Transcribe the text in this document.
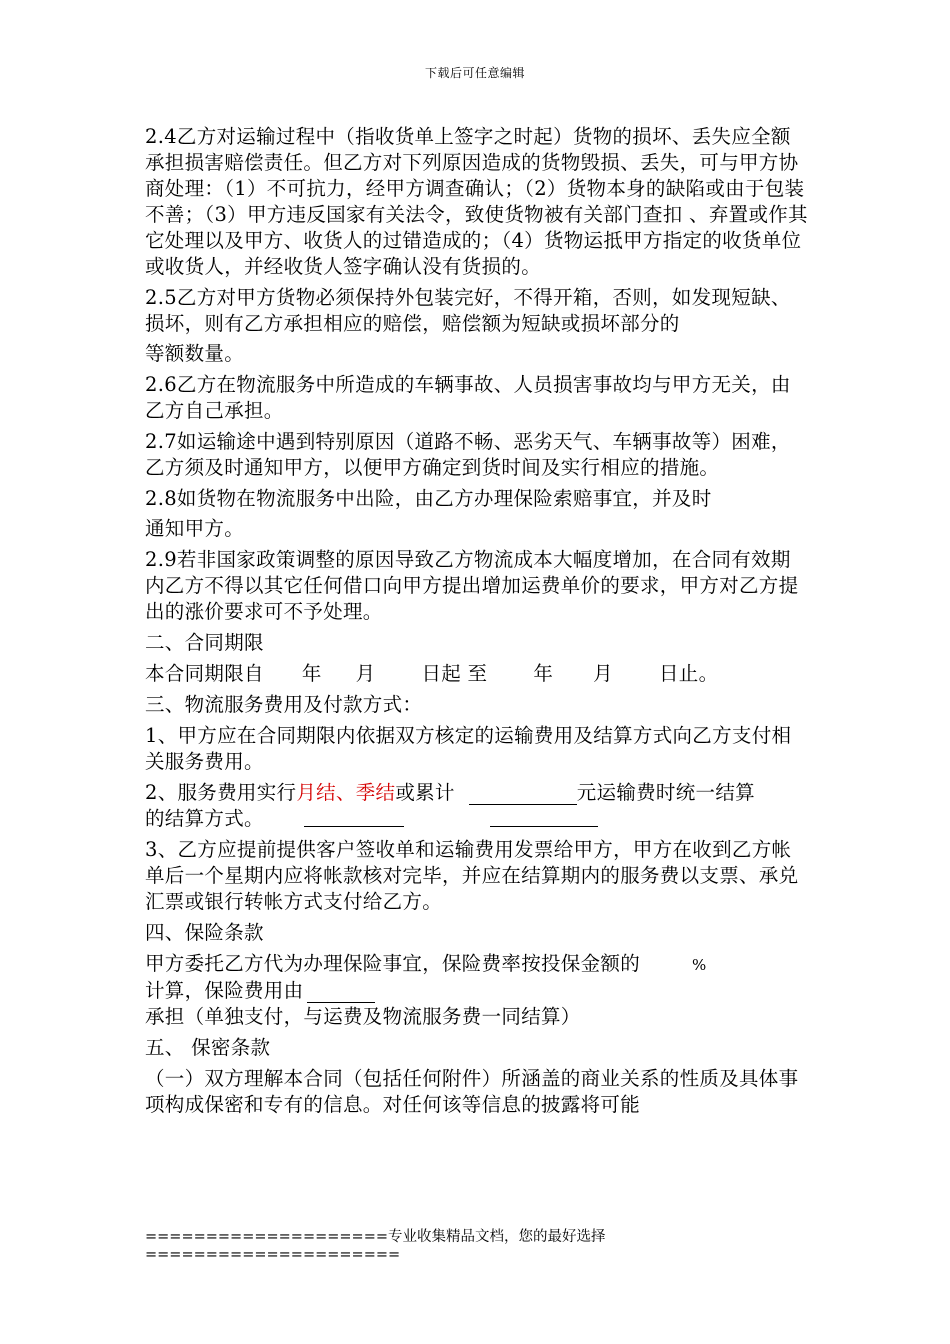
下载后可任意编辑

2.4乙方对运输过程中（指收货单上签字之时起）货物的损坏、丢失应全额承担损害赔偿责任。但乙方对下列原因造成的货物毁损、丢失，可与甲方协商处理：（1）不可抗力，经甲方调查确认；（2）货物本身的缺陷或由于包装不善；（3）甲方违反国家有关法令，致使货物被有关部门查扣 、弃置或作其它处理以及甲方、收货人的过错造成的；（4）货物运抵甲方指定的收货单位或收货人，并经收货人签字确认没有货损的。

2.5乙方对甲方货物必须保持外包装完好，不得开箱，否则，如发现短缺、损坏，则有乙方承担相应的赔偿，赔偿额为短缺或损坏部分的

等额数量。

2.6乙方在物流服务中所造成的车辆事故、人员损害事故均与甲方无关，由乙方自己承担。

2.7如运输途中遇到特别原因（道路不畅、恶劣天气、车辆事故等）困难，乙方须及时通知甲方，以便甲方确定到货时间及实行相应的措施。

2.8如货物在物流服务中出险，由乙方办理保险索赔事宜，并及时

通知甲方。

2.9若非国家政策调整的原因导致乙方物流成本大幅度增加，在合同有效期内乙方不得以其它任何借口向甲方提出增加运费单价的要求，甲方对乙方提出的涨价要求可不予处理。

二、合同期限

本合同期限自 年 月 日起 至 年 月 日止。

三、物流服务费用及付款方式：

1、甲方应在合同期限内依据双方核定的运输费用及结算方式向乙方支付相关服务费用。

2、服务费用实行月结、季结或累计	元运输费时统一结算
的结算方式。

3、乙方应提前提供客户签收单和运输费用发票给甲方，甲方在收到乙方帐单后一个星期内应将帐款核对完毕，并应在结算期内的服务费以支票、承兑汇票或银行转帐方式支付给乙方。

四、保险条款

甲方委托乙方代为办理保险事宜，保险费率按投保金额的	%
计算，保险费用由承担（单独支付，与运费及物流服务费一同结算）

五、 保密条款

（一）双方理解本合同（包括任何附件）所涵盖的商业关系的性质及具体事项构成保密和专有的信息。对任何该等信息的披露将可能

====================专业收集精品文档，您的最好选择=====================
